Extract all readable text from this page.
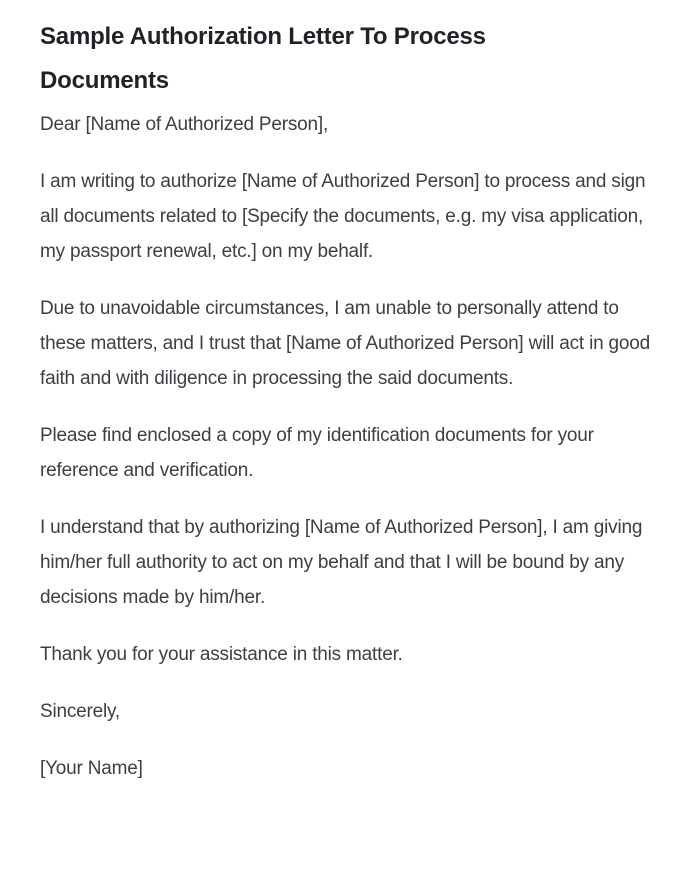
Sample Authorization Letter To Process Documents

Dear [Name of Authorized Person],

I am writing to authorize [Name of Authorized Person] to process and sign all documents related to [Specify the documents, e.g. my visa application, my passport renewal, etc.] on my behalf.

Due to unavoidable circumstances, I am unable to personally attend to these matters, and I trust that [Name of Authorized Person] will act in good faith and with diligence in processing the said documents.

Please find enclosed a copy of my identification documents for your reference and verification.

I understand that by authorizing [Name of Authorized Person], I am giving him/her full authority to act on my behalf and that I will be bound by any decisions made by him/her.

Thank you for your assistance in this matter.

Sincerely,

[Your Name]
